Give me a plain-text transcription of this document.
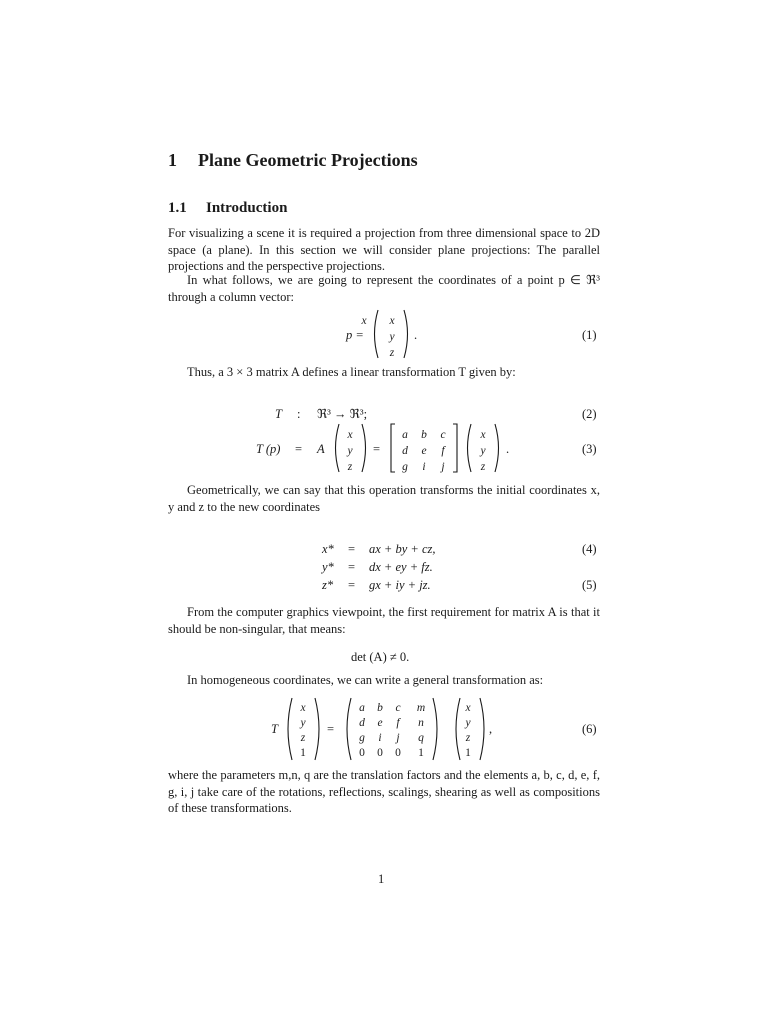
1 Plane Geometric Projections
1.1 Introduction
For visualizing a scene it is required a projection from three dimensional space to 2D space (a plane). In this section we will consider plane projections: The parallel projections and the perspective projections.
In what follows, we are going to represent the coordinates of a point p ∈ ℜ³ through a column vector:
p =
x	x
y
z
.	(1)
Thus, a 3 × 3 matrix A defines a linear transformation T given by:
T : ℜ³ → ℜ³;	(2)
T (p) = A
x
y
z
=
a	b	c
d	e	f
g	i	j
x
y
z
.	(3)
Geometrically, we can say that this operation transforms the initial coordinates x, y and z to the new coordinates
x* = ax + by + cz,
y* = dx + ey + fz.
z* = gx + iy + jz.
(4)
(5)
From the computer graphics viewpoint, the first requirement for matrix A is that it should be non-singular, that means:
det (A) ≠ 0.
In homogeneous coordinates, we can write a general transformation as:
T
x
y
z
1
=
a	b	c	m
d	e	f	n
g	i	j	q
0	0	0	1
x
y
z
1
,	(6)
where the parameters m,n, q are the translation factors and the elements a, b, c, d, e, f, g, i, j take care of the rotations, reflections, scalings, shearing as well as compositions of these transformations.
1
